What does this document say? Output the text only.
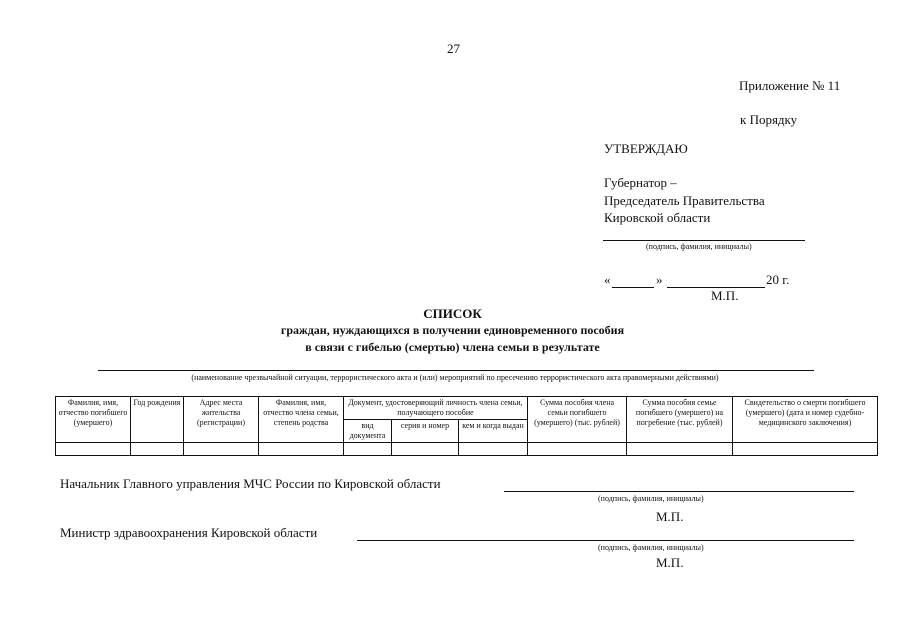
27
Приложение № 11
к Порядку
УТВЕРЖДАЮ
Губернатор –
Председатель Правительства
Кировской области
(подпись, фамилия, инициалы)
«	»	20 г.
М.П.
СПИСОК
граждан, нуждающихся в получении единовременного пособия
в связи с гибелью (смертью) члена семьи в результате
(наименование чрезвычайной ситуации, террористического акта и (или) мероприятий по пресечению террористического акта правомерными действиями)
Фамилия, имя, отчество погибшего (умершего)	Год рождения	Адрес места жительства (регистрации)	Фамилия, имя, отчество члена семьи, степень родства	Документ, удостоверяющий личность члена семьи, получающего пособие			Сумма пособия члена семьи погибшего (умершего) (тыс. рублей)	Сумма пособия семье погибшего (умершего) на погребение (тыс. рублей)	Свидетельство о смерти погибшего (умершего) (дата и номер судебно-медицинского заключения)
				вид документа	серия и номер	кем и когда выдан			

Начальник Главного управления МЧС России по Кировской области
(подпись, фамилия, инициалы)
М.П.
Министр здравоохранения Кировской области
(подпись, фамилия, инициалы)
М.П.
